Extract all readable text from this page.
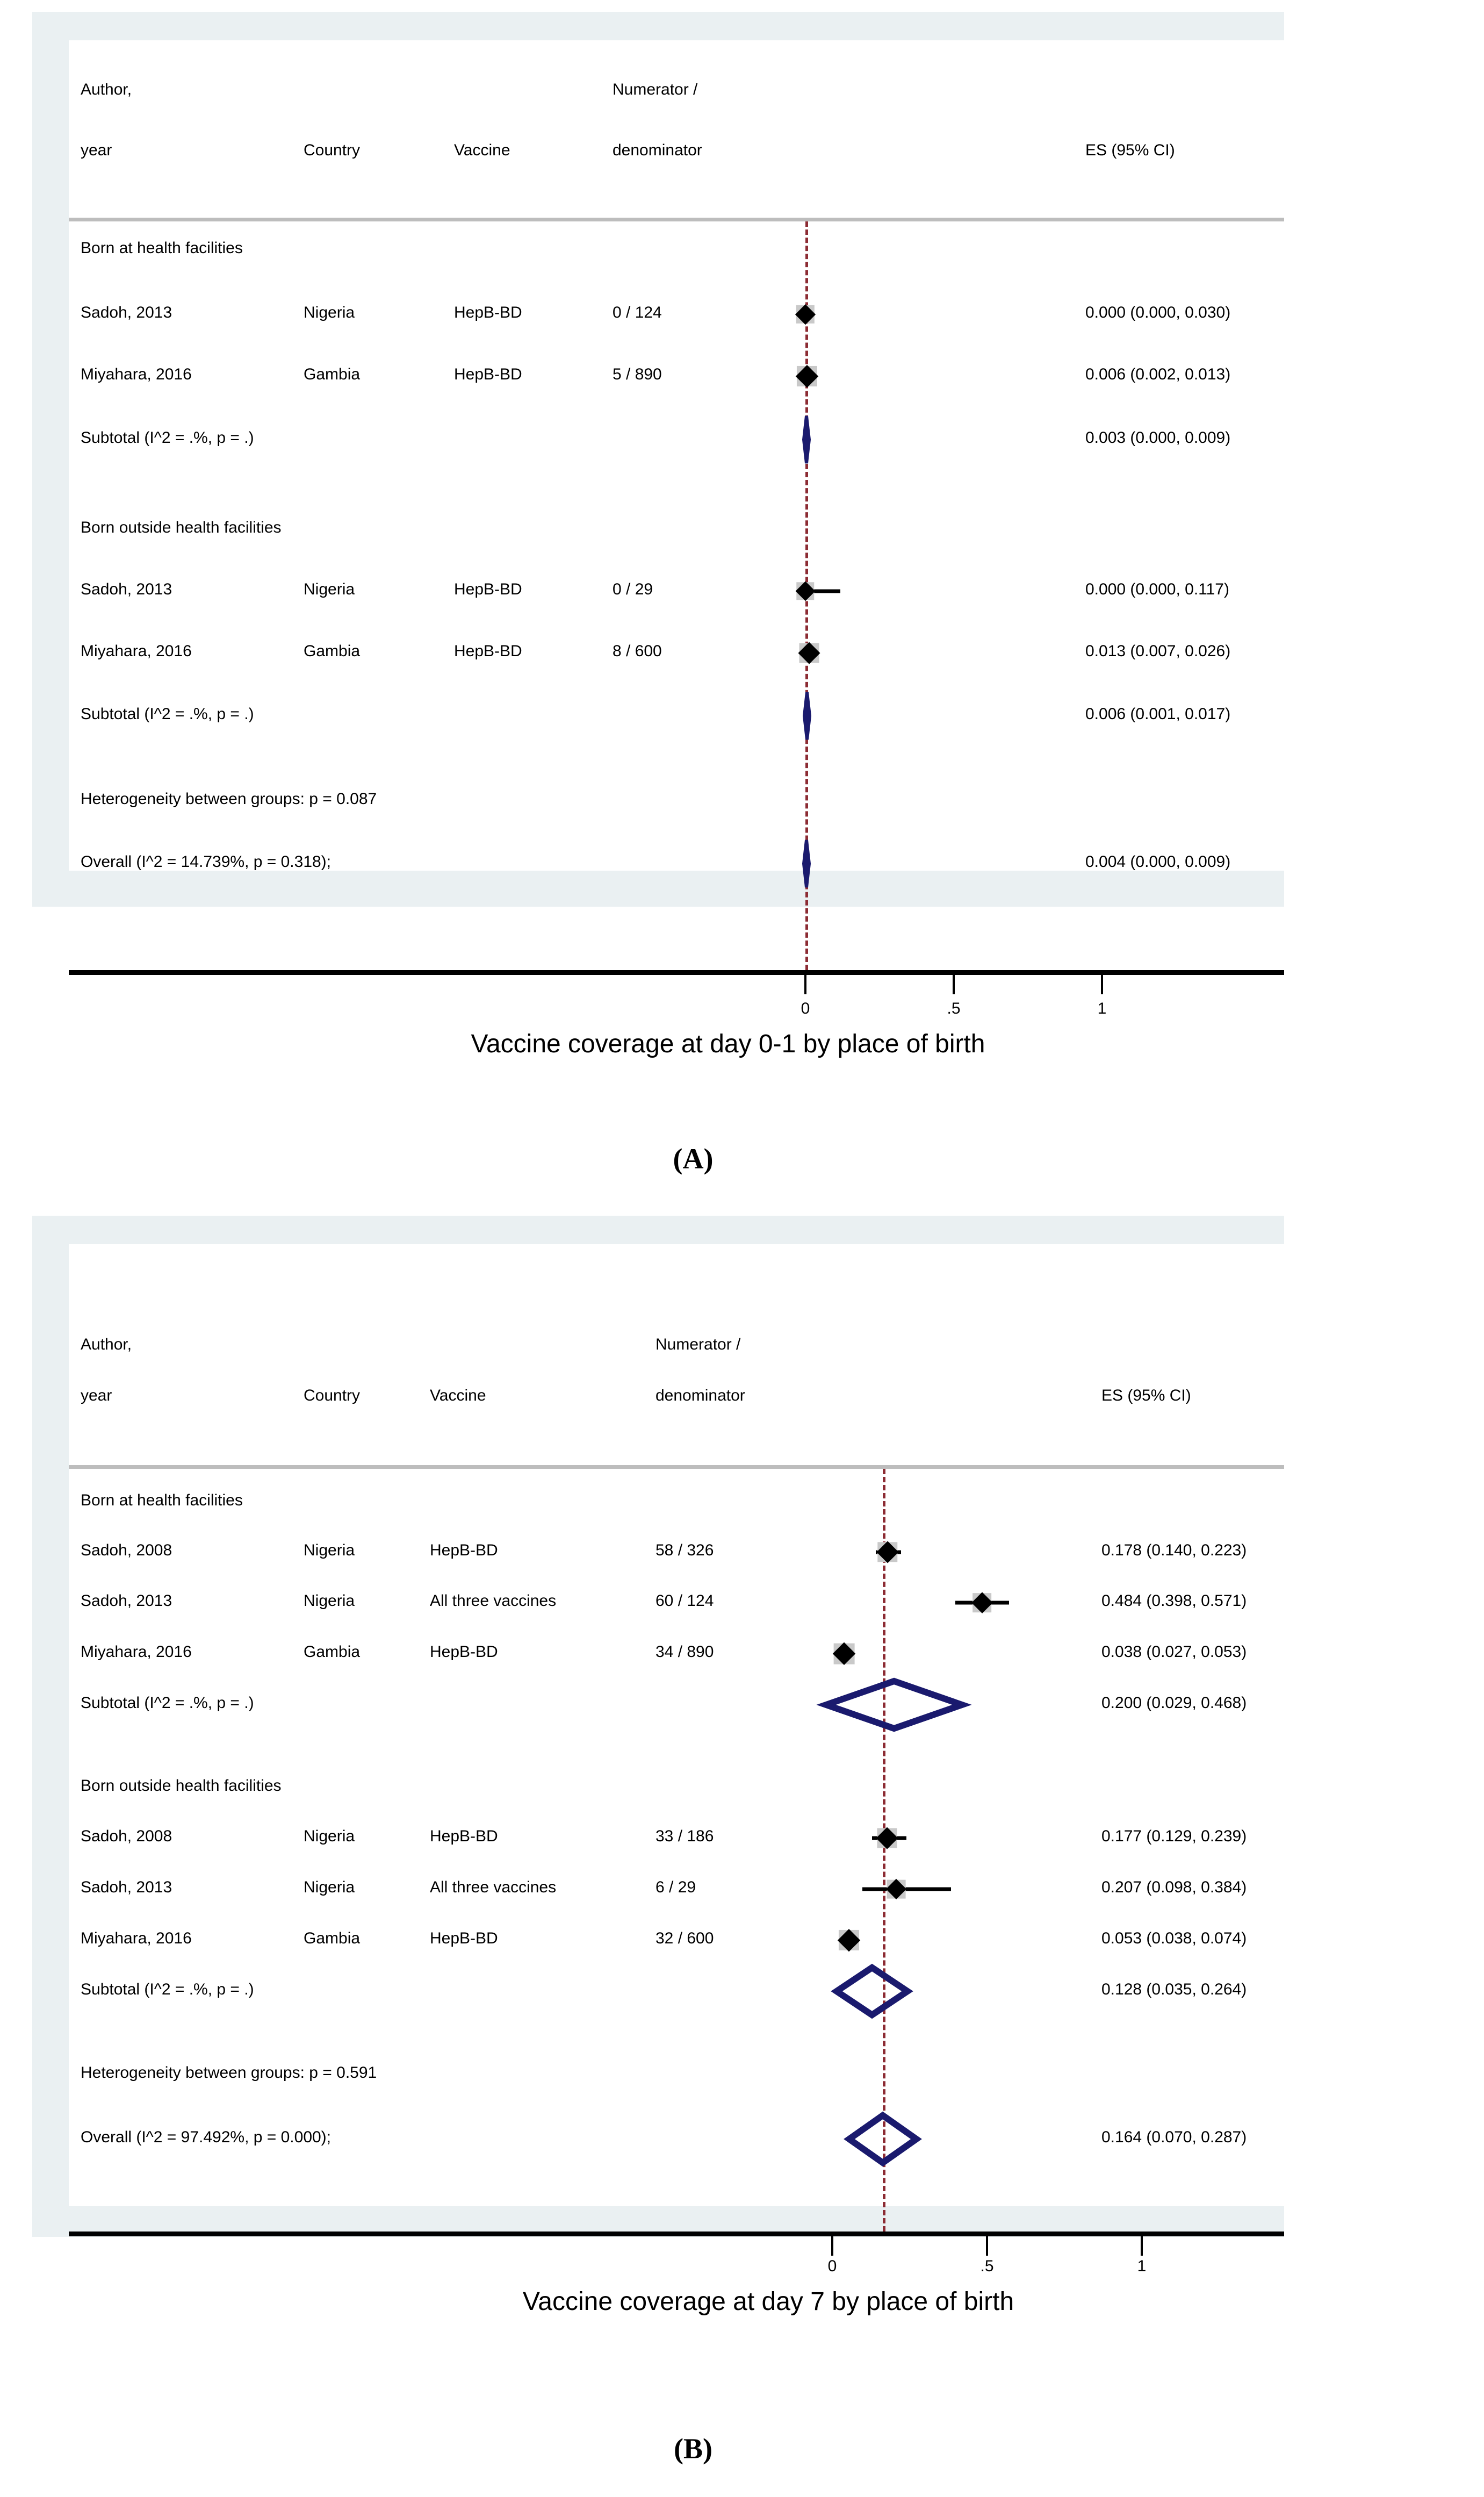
Author,	Numerator /
year	Country	Vaccine	denominator	ES (95% CI)
0	.5	1
Vaccine coverage at day 0-1 by place of birth
Born at health facilities
Sadoh, 2013	Nigeria	HepB-BD	0 / 124	0.000 (0.000, 0.030)
Miyahara, 2016	Gambia	HepB-BD	5 / 890	0.006 (0.002, 0.013)
Subtotal (I^2 = .%, p = .)	0.003 (0.000, 0.009)
Born outside health facilities
Sadoh, 2013	Nigeria	HepB-BD	0 / 29	0.000 (0.000, 0.117)
Miyahara, 2016	Gambia	HepB-BD	8 / 600	0.013 (0.007, 0.026)
Subtotal (I^2 = .%, p = .)	0.006 (0.001, 0.017)
Heterogeneity between groups: p = 0.087
Overall (I^2 = 14.739%, p = 0.318);	0.004 (0.000, 0.009)
(A)
Author,	Numerator /
year	Country	Vaccine	denominator	ES (95% CI)
0	.5	1
Vaccine coverage at day 7 by place of birth
Born at health facilities
Sadoh, 2008	Nigeria	HepB-BD	58 / 326	0.178 (0.140, 0.223)
Sadoh, 2013	Nigeria	All three vaccines	60 / 124	0.484 (0.398, 0.571)
Miyahara, 2016	Gambia	HepB-BD	34 / 890	0.038 (0.027, 0.053)
Subtotal (I^2 = .%, p = .)	0.200 (0.029, 0.468)
Born outside health facilities
Sadoh, 2008	Nigeria	HepB-BD	33 / 186	0.177 (0.129, 0.239)
Sadoh, 2013	Nigeria	All three vaccines	6 / 29	0.207 (0.098, 0.384)
Miyahara, 2016	Gambia	HepB-BD	32 / 600	0.053 (0.038, 0.074)
Subtotal (I^2 = .%, p = .)	0.128 (0.035, 0.264)
Heterogeneity between groups: p = 0.591
Overall (I^2 = 97.492%, p = 0.000);	0.164 (0.070, 0.287)
(B)
